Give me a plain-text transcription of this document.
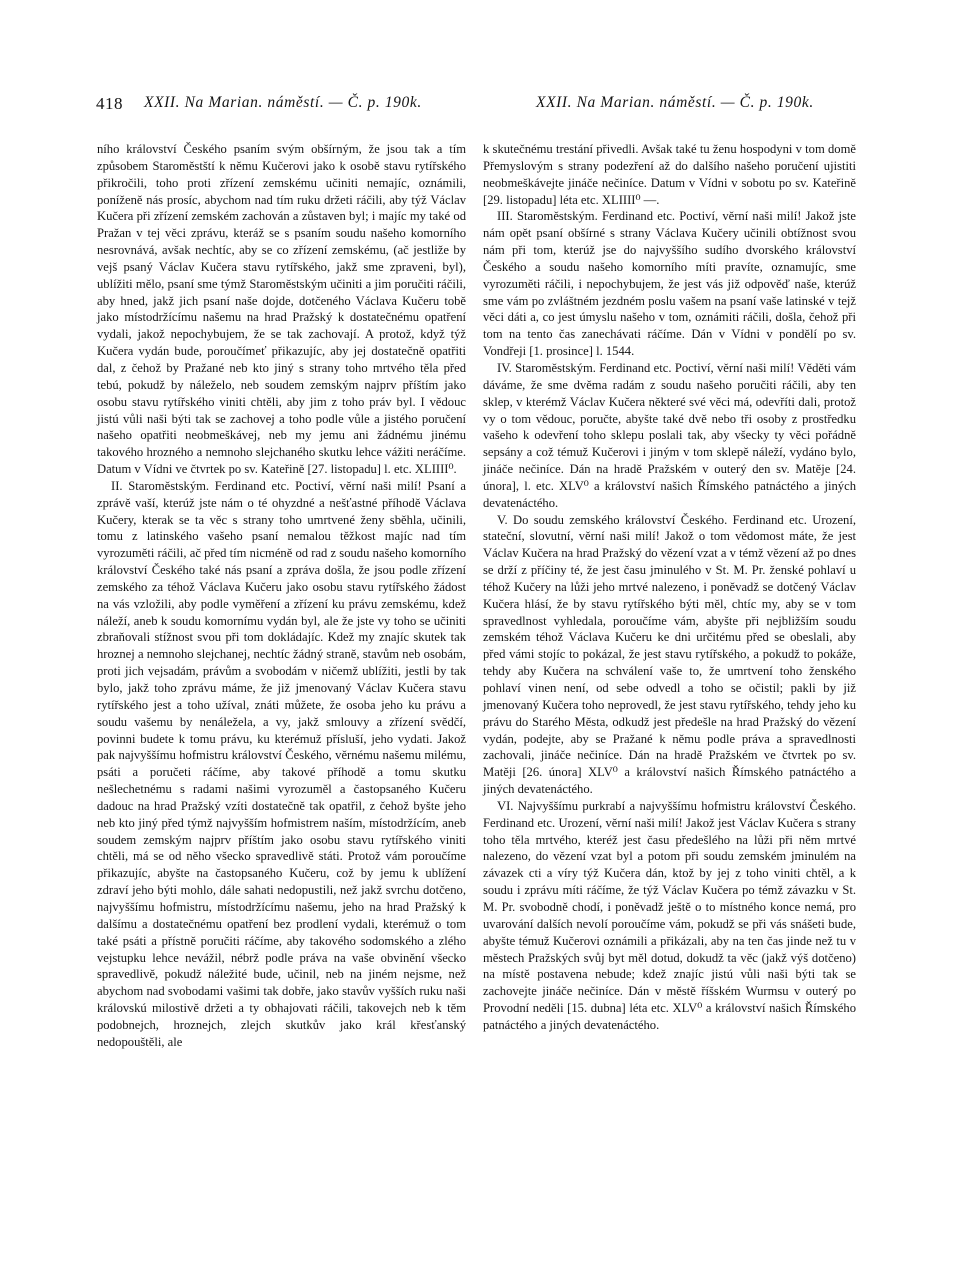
418 XXII. Na Marian. náměstí. — Č. p. 190k.	XXII. Na Marian. náměstí. — Č. p. 190k.

ního království Českého psaním svým obšírným, že jsou tak a tím způsobem Staroměstští k němu Kučerovi jako k osobě stavu rytířského přikročili, toho proti zřízení zemskému učiniti nemajíc, oznámili, poníženě nás prosíc, abychom nad tím ruku držeti ráčili, aby týž Václav Kučera při zřízení zemském zachován a zůstaven byl; i majíc my také od Pražan v tej věci zprávu, kteráž se s psaním soudu našeho komorního nesrovnává, avšak nechtíc, aby se co zřízení zemskému, (ač jestliže by vejš psaný Václav Kučera stavu rytířského, jakž sme zpraveni, byl), ublížiti mělo, psaní sme týmž Staroměstským učiniti a jim poručiti ráčili, aby hned, jakž jich psaní naše dojde, dotčeného Václava Kučeru tobě jako místodržícímu našemu na hrad Pražský k dostatečnému opatření vydali, jakož nepochybujem, že se tak zachovají. A protož, když týž Kučera vydán bude, poroučímeť přikazujíc, aby jej dostatečně opatřiti dal, z čehož by Pražané neb kto jiný s strany toho mrtvého těla před tebú, pokudž by náleželo, neb soudem zemským najprv příštím jako osobu stavu rytířského viniti chtěli, aby jim z toho práv byl. I vědouc jistú vůli naši býti tak se zachovej a toho podle vůle a jistého poručení našeho opatřiti neobmeškávej, neb my jemu ani žádnému jinému takového hrozného a nemnoho slejchaného skutku lehce vážiti neráčíme. Datum v Vídni ve čtvrtek po sv. Kateřině [27. listopadu] l. etc. XLIIII⁰.

II. Staroměstským. Ferdinand etc. Poctiví, věrní naši milí! Psaní a zprávě vaší, kterúž jste nám o té ohyzdné a nešťastné příhodě Václava Kučery, kterak se ta věc s strany toho umrtvené ženy sběhla, učinili, tomu z latinského vašeho psaní nemalou těžkost majíc nad tím vyrozuměti ráčili, ač před tím nicméně od rad z soudu našeho komorního království Českého také nás psaní a zpráva došla, že jsou podle zřízení zemského za téhož Václava Kučeru jako osobu stavu rytířského žádost na vás vzložili, aby podle vyměření a zřízení ku právu zemskému, kdež náleží, aneb k soudu komornímu vydán byl, ale že jste vy toho se učiniti zbraňovali stížnost svou při tom dokládajíc. Kdež my znajíc skutek tak hroznej a nemnoho slejchanej, nechtíc žádný straně, stavům neb osobám, proti jich vejsadám, právům a svobodám v ničemž ublížiti, jestli by tak bylo, jakž toho zprávu máme, že již jmenovaný Václav Kučera stavu rytířského jest a toho užíval, znáti můžete, že osoba jeho ku právu a soudu vašemu by nenáležela, a vy, jakž smlouvy a zřízení svědčí, povinni budete k tomu právu, ku kterémuž přísluší, jeho vydati. Jakož pak najvyššímu hofmistru království Českého, věrnému našemu milému, psáti a poručeti ráčíme, aby takové příhodě a tomu skutku nešlechetnému s radami našimi vyrozuměl a častopsaného Kučeru dadouc na hrad Pražský vzíti dostatečně tak opatřil, z čehož byšte jeho neb kto jiný před týmž najvyšším hofmistrem naším, místodržícím, aneb soudem zemským najprv příštím jako osobu stavu rytířského viniti chtěli, má se od něho všecko spravedlivě státi. Protož vám poroučíme přikazujíc, abyšte na častopsaného Kučeru, což by jemu k ublížení zdraví jeho býti mohlo, dále sahati nedopustili, než jakž svrchu dotčeno, najvyššímu hofmistru, místodržícímu našemu, jeho na hrad Pražský k dalšímu a dostatečnému opatření bez prodlení vydali, kterémuž o tom také psáti a přístně poručiti ráčíme, aby takového sodomského a zlého vejstupku lehce nevážil, nébrž podle práva na vaše obvinění všecko spravedlivě, pokudž náležité bude, učinil, neb na jiném nejsme, než abychom nad svobodami vašimi tak dobře, jako stavův vyšších ruku naši královskú milostivě držeti a ty obhajovati ráčili, takovejch neb k těm podobnejch, hroznejch, zlejch skutkův jako král křesťanský nedopouštěli, ale

k skutečnému trestání přivedli. Avšak také tu ženu hospodyni v tom domě Přemyslovým s strany podezření až do dalšího našeho poručení ujistiti neobmeškávejte jináče nečiníce. Datum v Vídni v sobotu po sv. Kateřině [29. listopadu] léta etc. XLIIII⁰ —.

III. Staroměstským. Ferdinand etc. Poctiví, věrní naši milí! Jakož jste nám opět psaní obšírné s strany Václava Kučery učinili obtížnost svou nám při tom, kterúž jse do najvyššího sudího dvorského království Českého a soudu našeho komorního míti pravíte, oznamujíc, sme vyrozuměti ráčili, i nepochybujem, že jest vás již odpověď naše, kterúž sme vám po zvláštném jezdném poslu vašem na psaní vaše latinské v tejž věci dáti a, co jest úmyslu našeho v tom, oznámiti ráčili, došla, čehož při tom na tento čas zanechávati ráčíme. Dán v Vídni v pondělí po sv. Vondřeji [1. prosince] l. 1544.

IV. Staroměstským. Ferdinand etc. Poctiví, věrní naši milí! Věděti vám dáváme, že sme dvěma radám z soudu našeho poručiti ráčili, aby ten sklep, v kterémž Václav Kučera některé své věci má, odevříti dali, protož vy o tom vědouc, poručte, abyšte také dvě nebo tři osoby z prostředku vašeho k odevření toho sklepu poslali tak, aby všecky ty věci pořádně sepsány a což témuž Kučerovi i jiným v tom sklepě náleží, vydáno bylo, jináče nečiníce. Dán na hradě Pražském v outerý den sv. Matěje [24. února], l. etc. XLV⁰ a království našich Římského patnáctého a jiných devatenáctého.

V. Do soudu zemského království Českého. Ferdinand etc. Urození, stateční, slovutní, věrní naši milí! Jakož o tom vědomost máte, že jest Václav Kučera na hrad Pražský do vězení vzat a v témž vězení až po dnes se drží z příčiny té, že jest času jminulého v St. M. Pr. ženské pohlaví u téhož Kučery na lůži jeho mrtvé nalezeno, i poněvadž se dotčený Václav Kučera hlásí, že by stavu rytířského býti měl, chtíc my, aby se v tom spravedlnost vyhledala, poroučíme vám, abyšte při nejbližším soudu zemském téhož Václava Kučeru ke dni určitému před se obeslali, aby před vámi stojíc to pokázal, že jest stavu rytířského, a pokudž to pokáže, tehdy aby Kučera na schválení vaše to, že umrtvení toho ženského pohlaví vinen není, od sebe odvedl a toho se očistil; pakli by již jmenovaný Kučera toho neprovedl, že jest stavu rytířského, tehdy jeho ku právu do Starého Města, odkudž jest předešle na hrad Pražský do vězení vydán, podejte, aby se Pražané k němu podle práva a spravedlnosti zachovali, jináče nečiníce. Dán na hradě Pražském ve čtvrtek po sv. Matěji [26. února] XLV⁰ a království našich Římského patnáctého a jiných devatenáctého.

VI. Najvyššímu purkrabí a najvyššímu hofmistru království Českého. Ferdinand etc. Urození, věrní naši milí! Jakož jest Václav Kučera s strany toho těla mrtvého, kteréž jest času předešlého na lůži při něm mrtvé nalezeno, do vězení vzat byl a potom při soudu zemském jminulém na závazek cti a víry týž Kučera dán, ktož by jej z toho viniti chtěl, a k soudu i zprávu míti ráčíme, že týž Václav Kučera po témž závazku v St. M. Pr. svobodně chodí, i poněvadž ještě o to místného konce nemá, pro uvarování dalších nevolí poroučíme vám, pokudž se při vás snášeti bude, abyšte témuž Kučerovi oznámili a přikázali, aby na ten čas jinde než tu v městech Pražských svůj byt měl dotud, dokudž ta věc (jakž výš dotčeno) na místě postavena nebude; kdež znajíc jistú vůli naši býti tak se zachovejte jináče nečiníce. Dán v městě říšském Wurmsu v outerý po Provodní neděli [15. dubna] léta etc. XLV⁰ a království našich Římského patnáctého a jiných devatenáctého.
